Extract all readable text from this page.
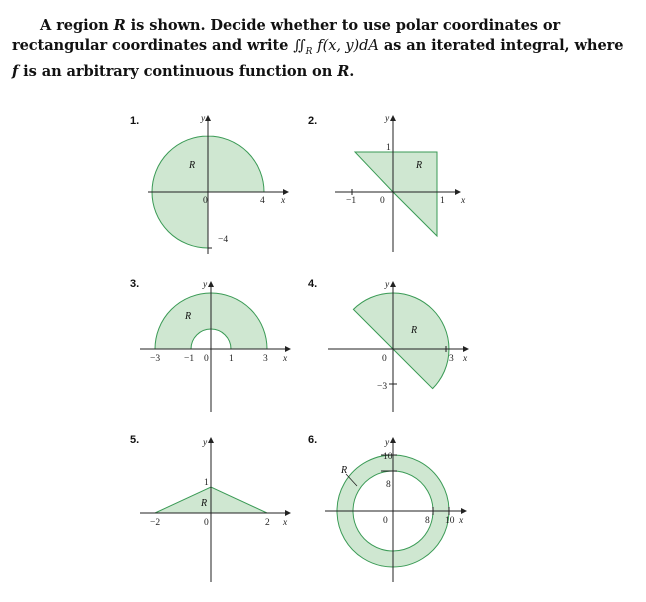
A region R is shown. Decide whether to use polar coordinates or rectangular coordinates and write $∬_R$ f(x, y)dA as an iterated integral, where f is an arbitrary continuous function on R.
1.	y
x
R
0	4
−4
2.	y
x
R
1
−1	0	1
3.	y
x
R
−3	−1 0 1	3
4.	y
x
R
0	3
−3
5.	y
x
R
1
−2	0	2
6.	y
x
R
10
8
0	8 10
